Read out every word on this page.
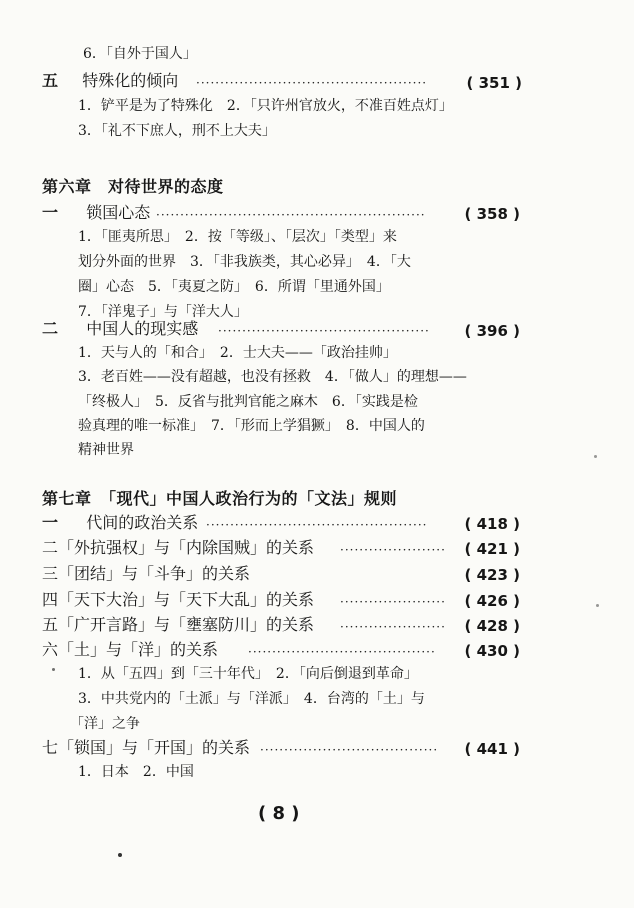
6．「自外于国人」
五 特殊化的倾向 ················································	( 351 )
1．铲平是为了特殊化　2．「只许州官放火，不准百姓点灯」
3．「礼不下庶人，刑不上大夫」
第六章　对待世界的态度
一 锁国心态 ························································	( 358 )
1．「匪夷所思」　2．按「等级」、「层次」「类型」来
划分外面的世界　3．「非我族类，其心必异」　4．「大
圈」心态　5．「夷夏之防」　6．所谓「里通外国」
7．「洋鬼子」与「洋大人」
二 中国人的现实感 ············································	( 396 )
1．天与人的「和合」　2．士大夫——「政治挂帅」
3．老百姓——没有超越，也没有拯救　4．「做人」的理想——
「终极人」　5．反省与批判官能之麻木　6．「实践是检
验真理的唯一标准」　7．「形而上学猖獗」　8．中国人的
精神世界
第七章　「现代」中国人政治行为的「文法」规则
一 代间的政治关系 ··············································	( 418 )
二「外抗强权」与「内除国贼」的关系 ······················	( 421 )
三「团结」与「斗争」的关系	( 423 )
四「天下大治」与「天下大乱」的关系 ······················	( 426 )
五「广开言路」与「壅塞防川」的关系 ······················	( 428 )
六「土」与「洋」的关系 ·······································	( 430 )
1．从「五四」到「三十年代」　2．「向后倒退到革命」
3．中共党内的「土派」与「洋派」　4．台湾的「土」与
「洋」之争
七「锁国」与「开国」的关系 ·····································	( 441 )
1．日本　2．中国
( 8 )
